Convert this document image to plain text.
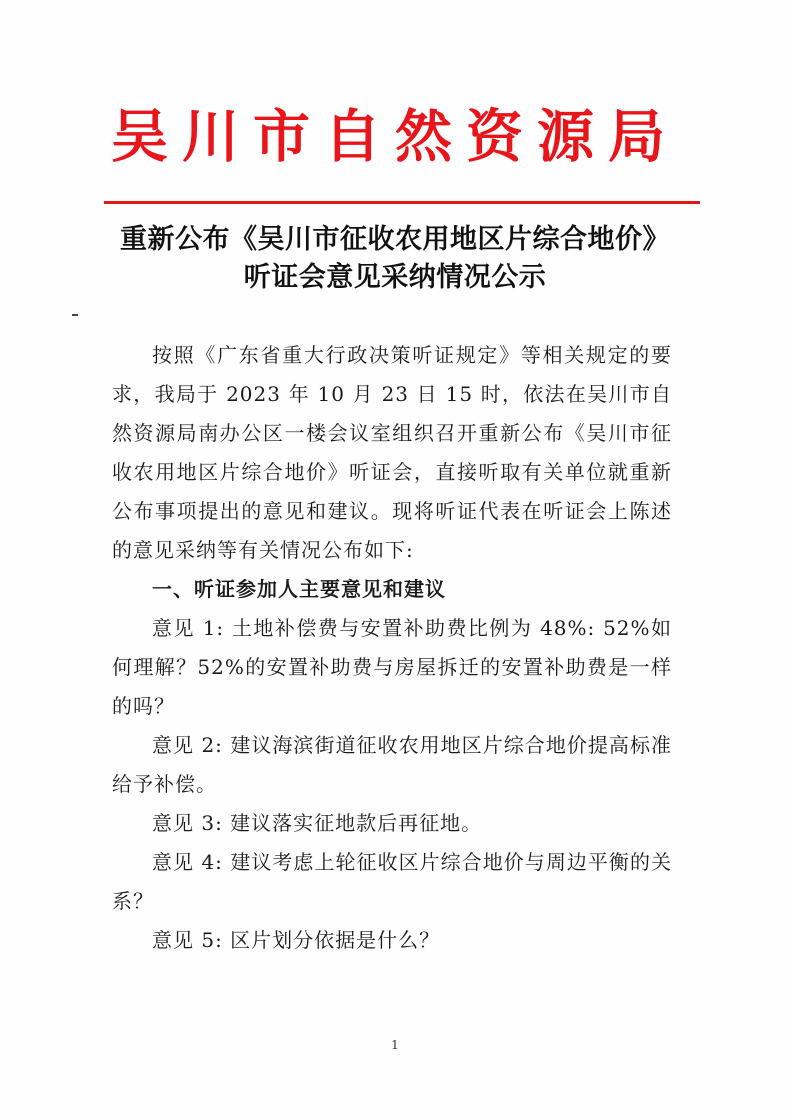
吴川市自然资源局
重新公布《吴川市征收农用地区片综合地价》
听证会意见采纳情况公示

按照《广东省重大行政决策听证规定》等相关规定的要求，我局于 2023 年 10 月 23 日 15 时，依法在吴川市自然资源局南办公区一楼会议室组织召开重新公布《吴川市征收农用地区片综合地价》听证会，直接听取有关单位就重新公布事项提出的意见和建议。现将听证代表在听证会上陈述的意见采纳等有关情况公布如下:

一、听证参加人主要意见和建议

意见 1: 土地补偿费与安置补助费比例为 48%: 52%如何理解？52%的安置补助费与房屋拆迁的安置补助费是一样的吗？

意见 2: 建议海滨街道征收农用地区片综合地价提高标准给予补偿。

意见 3: 建议落实征地款后再征地。

意见 4: 建议考虑上轮征收区片综合地价与周边平衡的关系？

意见 5: 区片划分依据是什么？

1
